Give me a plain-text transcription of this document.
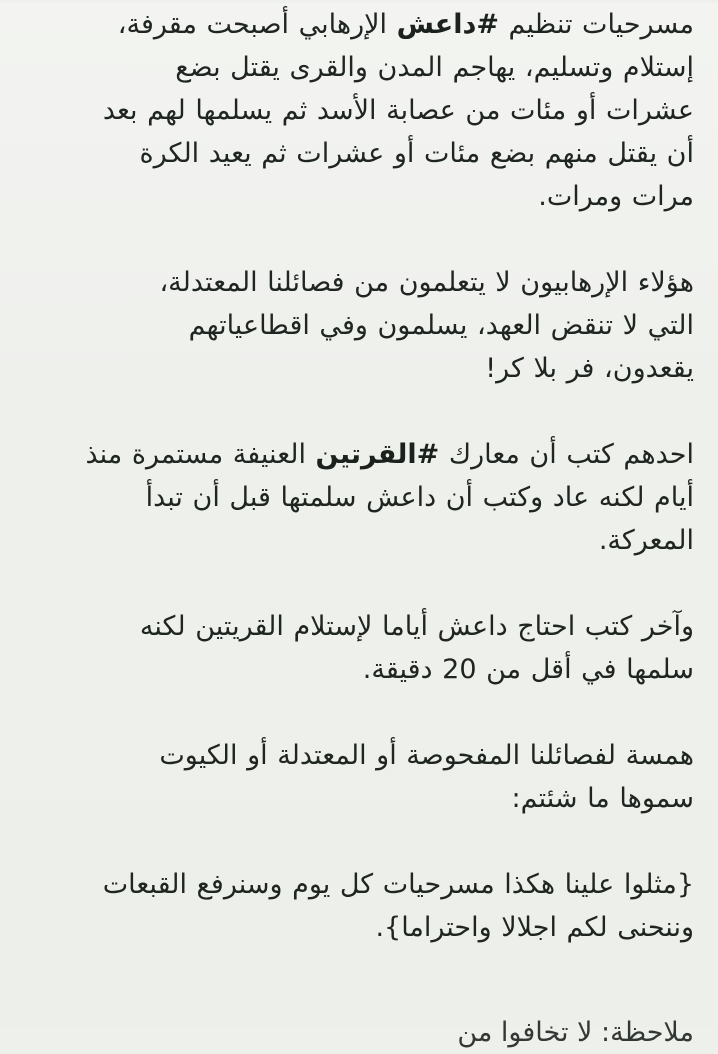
مسرحيات تنظيم #داعش الإرهابي أصبحت مقرفة،
إستلام وتسليم، يهاجم المدن والقرى يقتل بضع
عشرات أو مئات من عصابة الأسد ثم يسلمها لهم بعد
أن يقتل منهم بضع مئات أو عشرات ثم يعيد الكرة
مرات ومرات.

هؤلاء الإرهابيون لا يتعلمون من فصائلنا المعتدلة،
التي لا تنقض العهد، يسلمون وفي اقطاعياتهم
يقعدون، فر بلا كر!

احدهم كتب أن معارك #القرتين العنيفة مستمرة منذ
أيام لكنه عاد وكتب أن داعش سلمتها قبل أن تبدأ
المعركة.

وآخر كتب احتاج داعش أياما لإستلام القريتين لكنه
سلمها في أقل من 20 دقيقة.

همسة لفصائلنا المفحوصة أو المعتدلة أو الكيوت
سموها ما شئتم:

{مثلوا علينا هكذا مسرحيات كل يوم وسنرفع القبعات
وننحنى لكم اجلالا واحتراما}.

ملاحظة: لا تخافوا من
